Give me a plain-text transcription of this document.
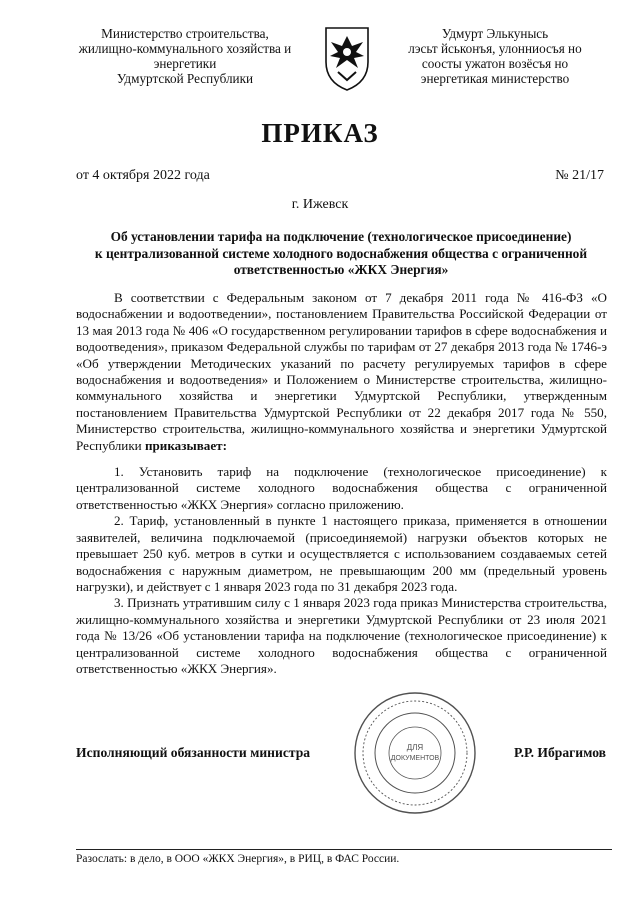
Министерство строительства,
жилищно-коммунального хозяйства и
энергетики
Удмуртской Республики
Удмурт Элькунысь
лэсьт йськонъя, улонниосъя но
соосты ужатон возёсъя но
энергетикая министерство
ПРИКАЗ
от 4 октября 2022 года	№ 21/17
г. Ижевск
Об установлении тарифа на подключение (технологическое присоединение)
к централизованной системе холодного водоснабжения общества с ограниченной
ответственностью «ЖКХ Энергия»

В соответствии с Федеральным законом от 7 декабря 2011 года № 416-ФЗ «О водоснабжении и водоотведении», постановлением Правительства Российской Федерации от 13 мая 2013 года № 406 «О государственном регулировании тарифов в сфере водоснабжения и водоотведения», приказом Федеральной службы по тарифам от 27 декабря 2013 года № 1746-э «Об утверждении Методических указаний по расчету регулируемых тарифов в сфере водоснабжения и водоотведения» и Положением о Министерстве строительства, жилищно-коммунального хозяйства и энергетики Удмуртской Республики, утвержденным постановлением Правительства Удмуртской Республики от 22 декабря 2017 года № 550, Министерство строительства, жилищно-коммунального хозяйства и энергетики Удмуртской Республики приказывает:

1. Установить тариф на подключение (технологическое присоединение) к централизованной системе холодного водоснабжения общества с ограниченной ответственностью «ЖКХ Энергия» согласно приложению.

2. Тариф, установленный в пункте 1 настоящего приказа, применяется в отношении заявителей, величина подключаемой (присоединяемой) нагрузки объектов которых не превышает 250 куб. метров в сутки и осуществляется с использованием создаваемых сетей водоснабжения с наружным диаметром, не превышающим 200 мм (предельный уровень нагрузки), и действует с 1 января 2023 года по 31 декабря 2023 года.

3. Признать утратившим силу с 1 января 2023 года приказ Министерства строительства, жилищно-коммунального хозяйства и энергетики Удмуртской Республики от 23 июля 2021 года № 13/26 «Об установлении тарифа на подключение (технологическое присоединение) к централизованной системе холодного водоснабжения общества с ограниченной ответственностью «ЖКХ Энергия».

Исполняющий обязанности министра	ДЛЯ
ДОКУМЕНТОВ	Р.Р. Ибрагимов
Разослать: в дело, в ООО «ЖКХ Энергия», в РИЦ, в ФАС России.
